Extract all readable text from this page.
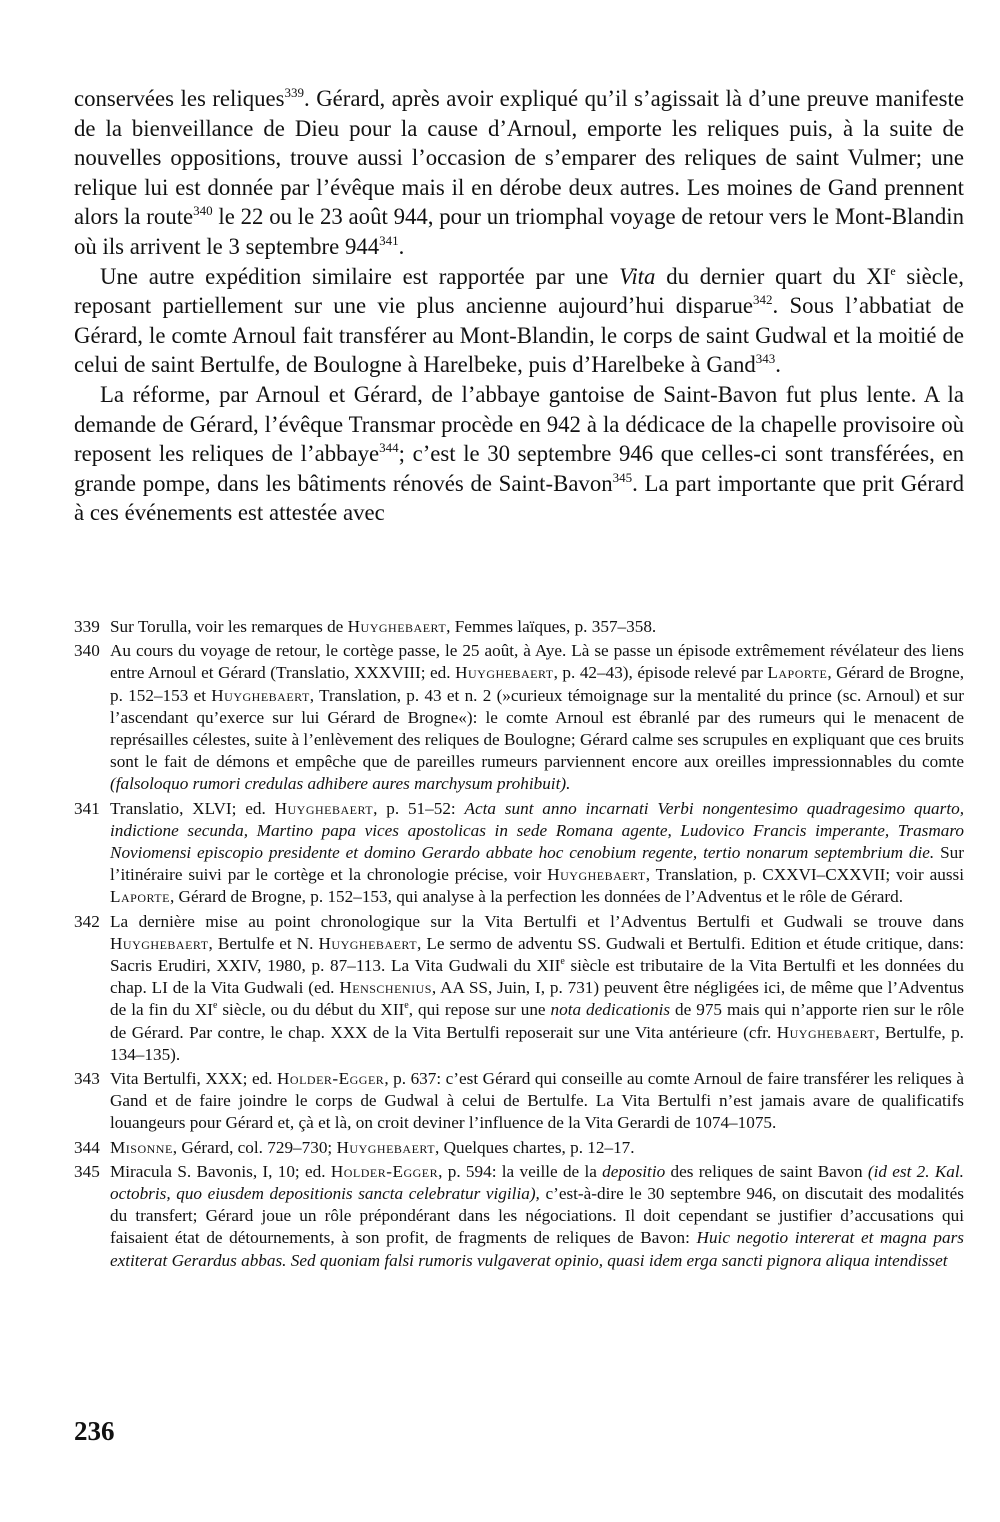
conservées les reliques$^{339}$. Gérard, après avoir expliqué qu’il s’agissait là d’une preuve manifeste de la bienveillance de Dieu pour la cause d’Arnoul, emporte les reliques puis, à la suite de nouvelles oppositions, trouve aussi l’occasion de s’emparer des reliques de saint Vulmer; une relique lui est donnée par l’évêque mais il en dérobe deux autres. Les moines de Gand prennent alors la route$^{340}$ le 22 ou le 23 août 944, pour un triomphal voyage de retour vers le Mont-Blandin où ils arrivent le 3 septembre 944$^{341}$.

Une autre expédition similaire est rapportée par une Vita du dernier quart du XIe siècle, reposant partiellement sur une vie plus ancienne aujourd’hui disparue$^{342}$. Sous l’abbatiat de Gérard, le comte Arnoul fait transférer au Mont-Blandin, le corps de saint Gudwal et la moitié de celui de saint Bertulfe, de Boulogne à Harelbeke, puis d’Harelbeke à Gand$^{343}$.

La réforme, par Arnoul et Gérard, de l’abbaye gantoise de Saint-Bavon fut plus lente. A la demande de Gérard, l’évêque Transmar procède en 942 à la dédicace de la chapelle provisoire où reposent les reliques de l’abbaye$^{344}$; c’est le 30 septembre 946 que celles-ci sont transférées, en grande pompe, dans les bâtiments rénovés de Saint-Bavon$^{345}$. La part importante que prit Gérard à ces événements est attestée avec

339 Sur Torulla, voir les remarques de Huyghebaert, Femmes laïques, p. 357–358.
340 Au cours du voyage de retour, le cortège passe, le 25 août, à Aye. Là se passe un épisode extrêmement révélateur des liens entre Arnoul et Gérard (Translatio, XXXVIII; ed. Huyghebaert, p. 42–43), épisode relevé par Laporte, Gérard de Brogne, p. 152–153 et Huyghebaert, Translation, p. 43 et n. 2 (»curieux témoignage sur la mentalité du prince (sc. Arnoul) et sur l’ascendant qu’exerce sur lui Gérard de Brogne«): le comte Arnoul est ébranlé par des rumeurs qui le menacent de représailles célestes, suite à l’enlèvement des reliques de Boulogne; Gérard calme ses scrupules en expliquant que ces bruits sont le fait de démons et empêche que de pareilles rumeurs parviennent encore aux oreilles impressionnables du comte (falsoloquo rumori credulas adhibere aures marchysum prohibuit).
341 Translatio, XLVI; ed. Huyghebaert, p. 51–52: Acta sunt anno incarnati Verbi nongentesimo quadragesimo quarto, indictione secunda, Martino papa vices apostolicas in sede Romana agente, Ludovico Francis imperante, Trasmaro Noviomensi episcopio presidente et domino Gerardo abbate hoc cenobium regente, tertio nonarum septembrium die. Sur l’itinéraire suivi par le cortège et la chronologie précise, voir Huyghebaert, Translation, p. CXXVI–CXXVII; voir aussi Laporte, Gérard de Brogne, p. 152–153, qui analyse à la perfection les données de l’Adventus et le rôle de Gérard.
342 La dernière mise au point chronologique sur la Vita Bertulfi et l’Adventus Bertulfi et Gudwali se trouve dans Huyghebaert, Bertulfe et N. Huyghebaert, Le sermo de adventu SS. Gudwali et Bertulfi. Edition et étude critique, dans: Sacris Erudiri, XXIV, 1980, p. 87–113. La Vita Gudwali du XIIe siècle est tributaire de la Vita Bertulfi et les données du chap. LI de la Vita Gudwali (ed. Henschenius, AA SS, Juin, I, p. 731) peuvent être négligées ici, de même que l’Adventus de la fin du XIe siècle, ou du début du XIIe, qui repose sur une nota dedicationis de 975 mais qui n’apporte rien sur le rôle de Gérard. Par contre, le chap. XXX de la Vita Bertulfi reposerait sur une Vita antérieure (cfr. Huyghebaert, Bertulfe, p. 134–135).
343 Vita Bertulfi, XXX; ed. Holder-Egger, p. 637: c’est Gérard qui conseille au comte Arnoul de faire transférer les reliques à Gand et de faire joindre le corps de Gudwal à celui de Bertulfe. La Vita Bertulfi n’est jamais avare de qualificatifs louangeurs pour Gérard et, çà et là, on croit deviner l’influence de la Vita Gerardi de 1074–1075.
344 Misonne, Gérard, col. 729–730; Huyghebaert, Quelques chartes, p. 12–17.
345 Miracula S. Bavonis, I, 10; ed. Holder-Egger, p. 594: la veille de la depositio des reliques de saint Bavon (id est 2. Kal. octobris, quo eiusdem depositionis sancta celebratur vigilia), c’est-à-dire le 30 septembre 946, on discutait des modalités du transfert; Gérard joue un rôle prépondérant dans les négociations. Il doit cependant se justifier d’accusations qui faisaient état de détournements, à son profit, de fragments de reliques de Bavon: Huic negotio intererat et magna pars extiterat Gerardus abbas. Sed quoniam falsi rumoris vulgaverat opinio, quasi idem erga sancti pignora aliqua intendisset
236
